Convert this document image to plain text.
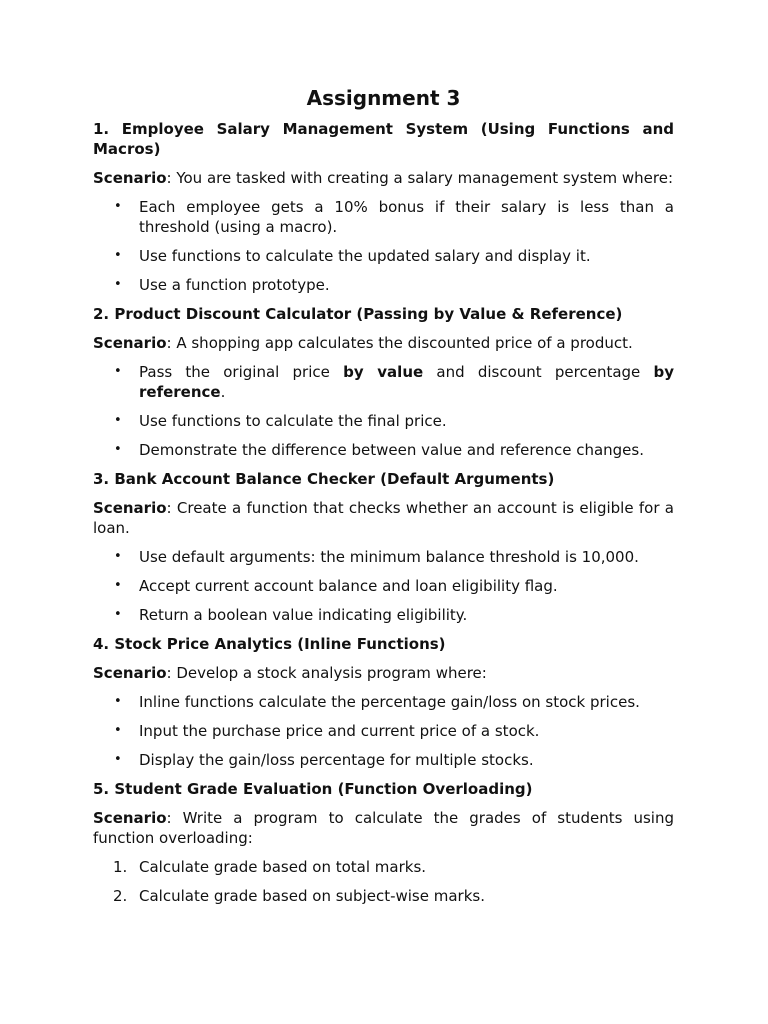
Assignment 3
1. Employee Salary Management System (Using Functions and Macros)

Scenario: You are tasked with creating a salary management system where:

• Each employee gets a 10% bonus if their salary is less than a threshold (using a macro).
• Use functions to calculate the updated salary and display it.
• Use a function prototype.
2. Product Discount Calculator (Passing by Value & Reference)

Scenario: A shopping app calculates the discounted price of a product.

• Pass the original price by value and discount percentage by reference.
• Use functions to calculate the final price.
• Demonstrate the difference between value and reference changes.
3. Bank Account Balance Checker (Default Arguments)

Scenario: Create a function that checks whether an account is eligible for a loan.

• Use default arguments: the minimum balance threshold is 10,000.
• Accept current account balance and loan eligibility flag.
• Return a boolean value indicating eligibility.
4. Stock Price Analytics (Inline Functions)

Scenario: Develop a stock analysis program where:

• Inline functions calculate the percentage gain/loss on stock prices.
• Input the purchase price and current price of a stock.
• Display the gain/loss percentage for multiple stocks.
5. Student Grade Evaluation (Function Overloading)

Scenario: Write a program to calculate the grades of students using function overloading:

1. Calculate grade based on total marks.
2. Calculate grade based on subject-wise marks.
